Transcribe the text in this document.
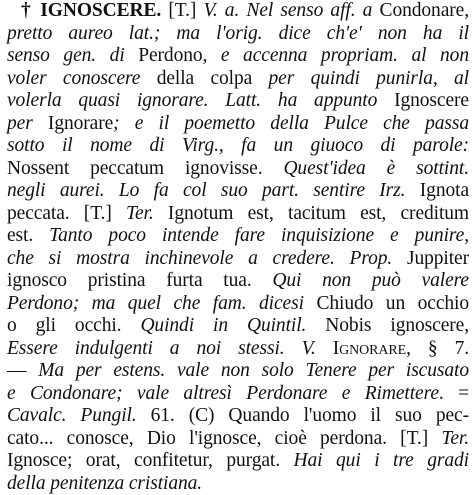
† IGNOSCERE. [T.] V. a. Nel senso aff. a Condonare,
pretto aureo lat.; ma l'orig. dice ch'e' non ha il
senso gen. di Perdono, e accenna propriam. al non
voler conoscere della colpa per quindi punirla, al
volerla quasi ignorare. Latt. ha appunto Ignoscere
per Ignorare; e il poemetto della Pulce che passa
sotto il nome di Virg., fa un giuoco di parole:
Nossent peccatum ignovisse. Quest'idea è sottint.
negli aurei. Lo fa col suo part. sentire Irz. Ignota
peccata. [T.] Ter. Ignotum est, tacitum est, creditum
est. Tanto poco intende fare inquisizione e punire,
che si mostra inchinevole a credere. Prop. Juppiter
ignosco pristina furta tua. Qui non può valere
Perdono; ma quel che fam. dicesi Chiudo un occhio
o gli occhi. Quindi in Quintil. Nobis ignoscere,
Essere indulgenti a noi stessi. V. Ignorare, § 7.
— Ma per estens. vale non solo Tenere per iscusato
e Condonare; vale altresì Perdonare e Rimettere. =
Cavalc. Pungil. 61. (C) Quando l'uomo il suo pec-
cato... conosce, Dio l'ignosce, cioè perdona. [T.] Ter.
Ignosce; orat, confitetur, purgat. Hai qui i tre gradi
della penitenza cristiana.
